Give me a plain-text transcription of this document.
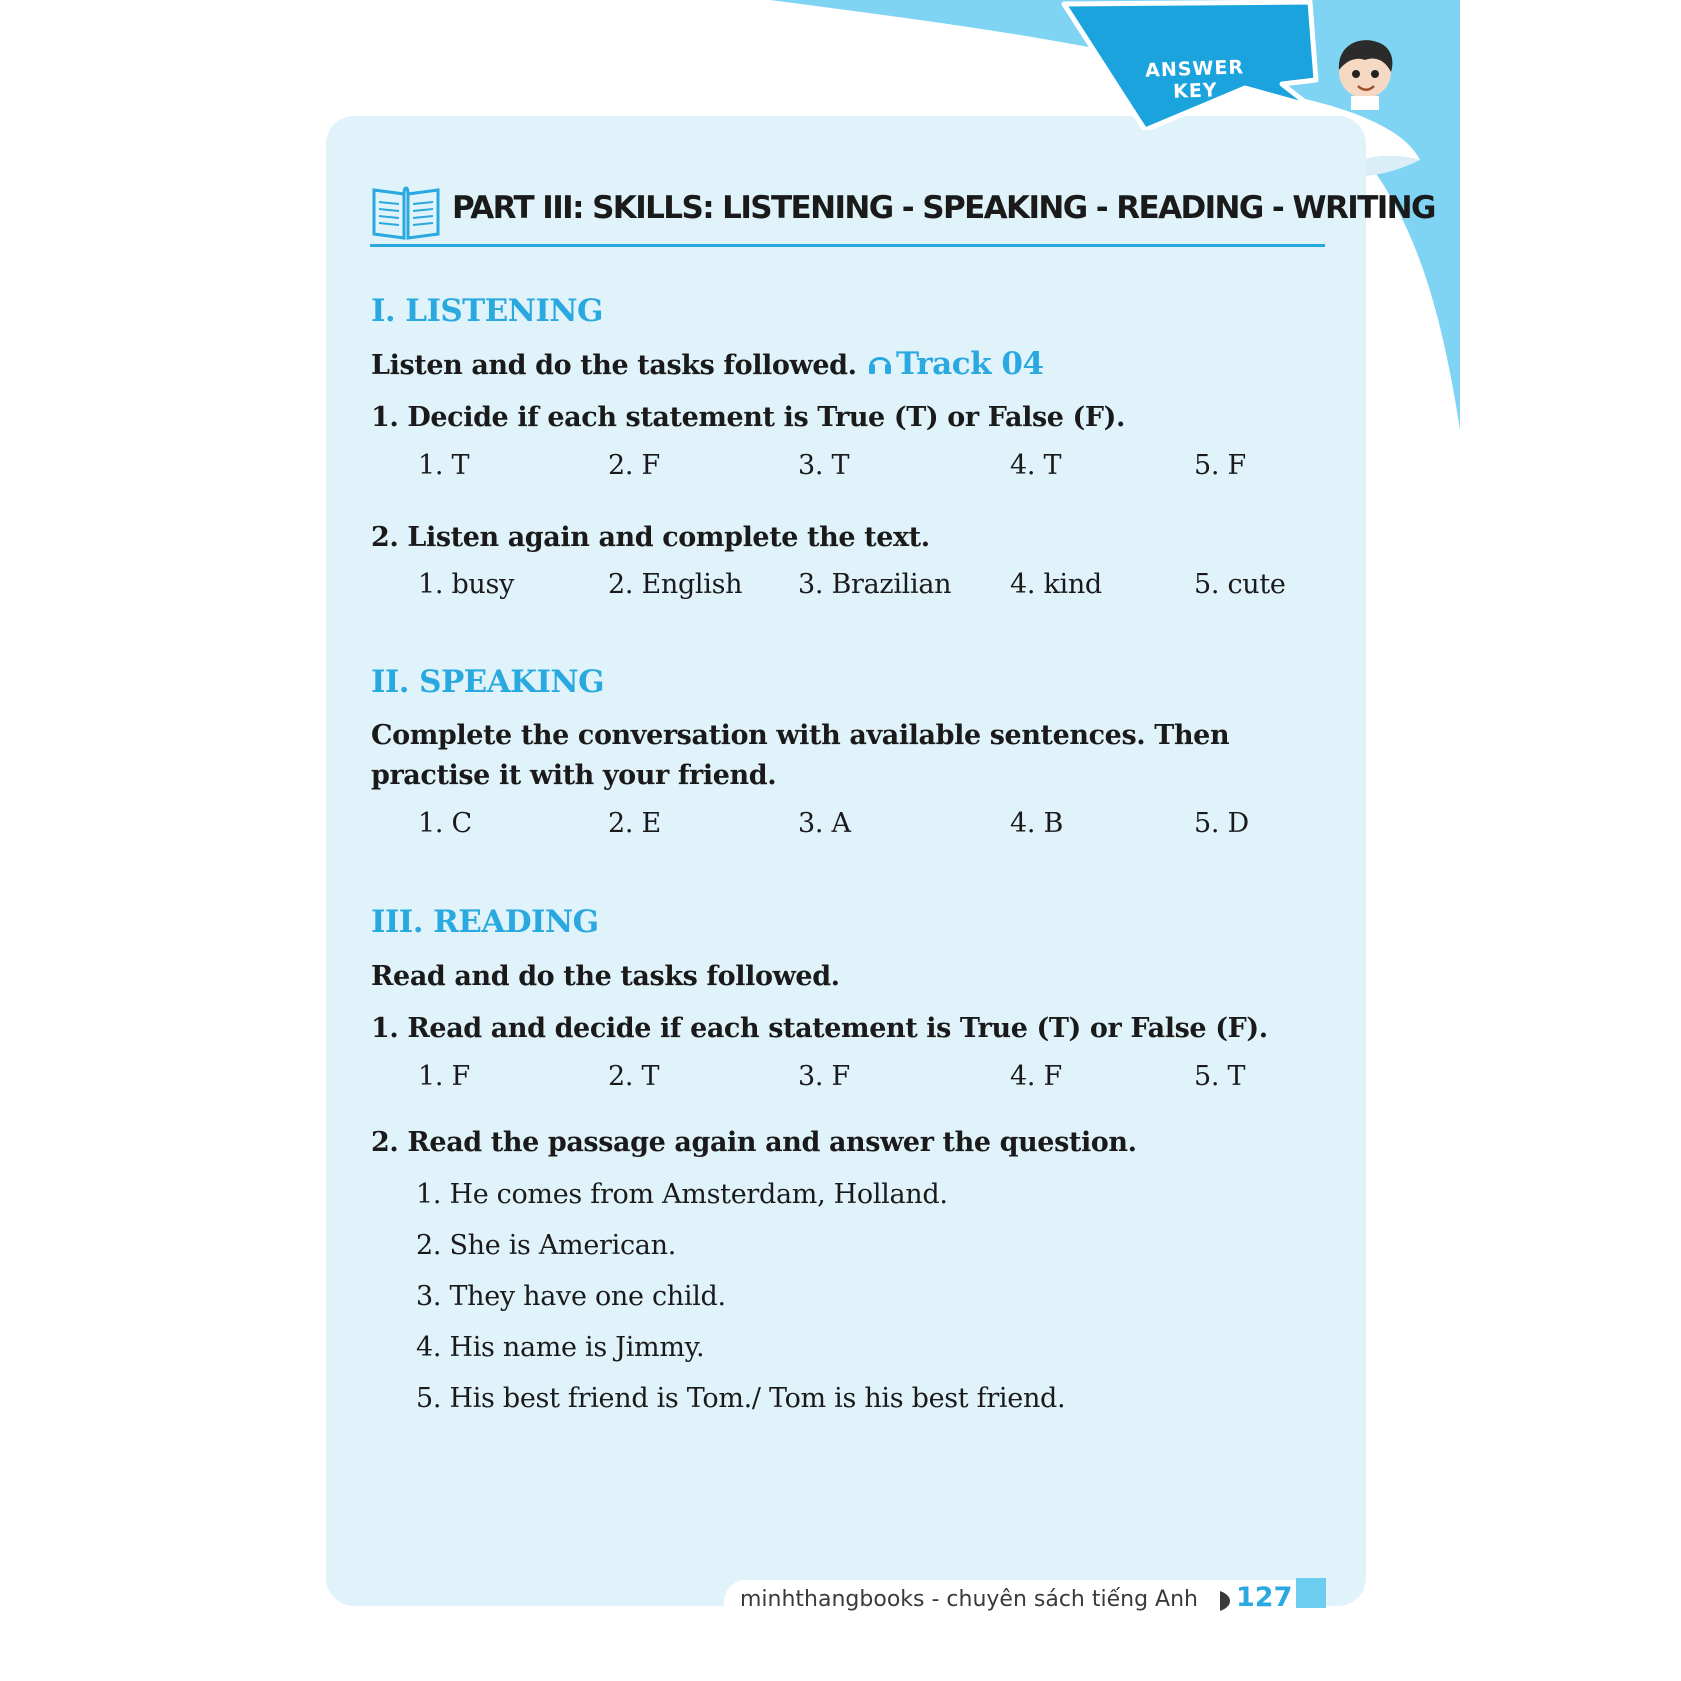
ANSWER KEY
PART III: SKILLS: LISTENING - SPEAKING - READING - WRITING
I. LISTENING
Listen and do the tasks followed.	Track 04
1. Decide if each statement is True (T) or False (F).
1. T	2. F	3. T	4. T	5. F
2. Listen again and complete the text.
1. busy	2. English 3. Brazilian 4. kind	5. cute
II. SPEAKING
Complete the conversation with available sentences. Then practise it with your friend.
1. C	2. E	3. A	4. B	5. D
III. READING
Read and do the tasks followed.
1. Read and decide if each statement is True (T) or False (F).
1. F	2. T	3. F	4. F	5. T
2. Read the passage again and answer the question.
1. He comes from Amsterdam, Holland.
2. She is American.
3. They have one child.
4. His name is Jimmy.
5. His best friend is Tom./ Tom is his best friend.
minhthangbooks - chuyên sách tiếng Anh 127
